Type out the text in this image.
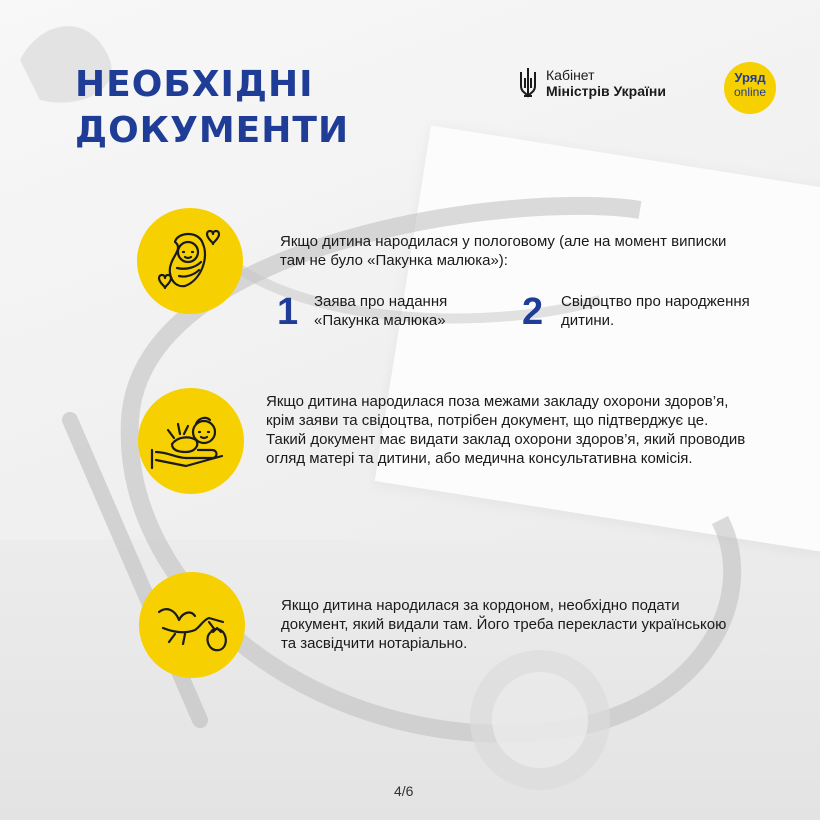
НЕОБХІДНІ
ДОКУМЕНТИ
Кабінет
Міністрів України
Уряд
online

Якщо дитина народилася у пологовому (але на момент виписки там не було «Пакунка малюка»):

1 Заява про надання «Пакунка малюка»	2 Свідоцтво про народження дитини.

Якщо дитина народилася поза межами закладу охорони здоров’я, крім заяви та свідоцтва, потрібен документ, що підтверджує це. Такий документ має видати заклад охорони здоров’я, який проводив огляд матері та дитини, або медична консультативна комісія.

Якщо дитина народилася за кордоном, необхідно подати документ, який видали там. Його треба перекласти українською та засвідчити нотаріально.

4/6
